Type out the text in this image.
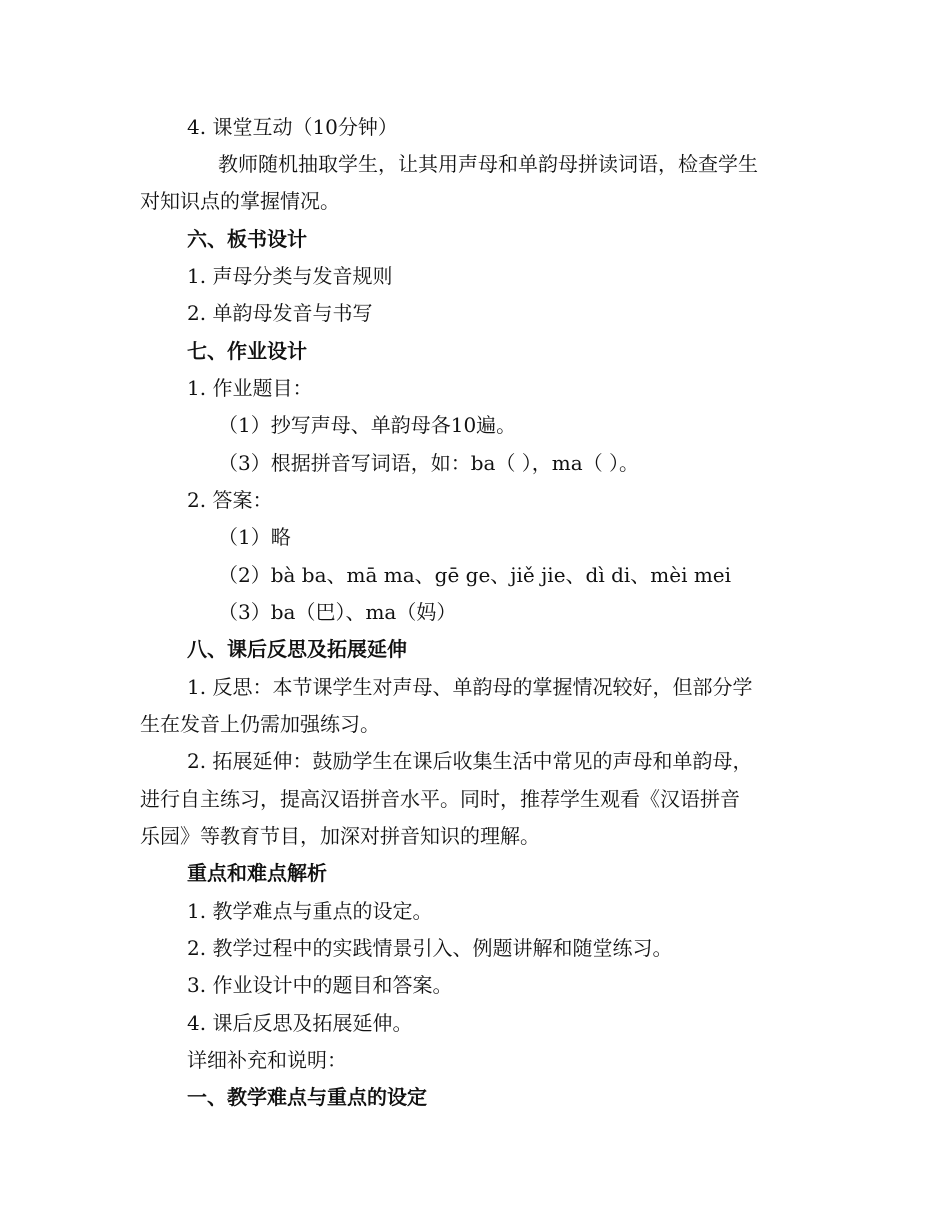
4. 课堂互动（10分钟）
教师随机抽取学生，让其用声母和单韵母拼读词语，检查学生
对知识点的掌握情况。
六、板书设计
1. 声母分类与发音规则
2. 单韵母发音与书写
七、作业设计
1. 作业题目：
（1）抄写声母、单韵母各10遍。
（3）根据拼音写词语，如：ba（ ），ma（ ）。
2. 答案：
（1）略
（2）bà ba、mā ma、gē ge、jiě jie、dì di、mèi mei
（3）ba（巴）、ma（妈）
八、课后反思及拓展延伸
1. 反思：本节课学生对声母、单韵母的掌握情况较好，但部分学
生在发音上仍需加强练习。
2. 拓展延伸：鼓励学生在课后收集生活中常见的声母和单韵母，
进行自主练习，提高汉语拼音水平。同时，推荐学生观看《汉语拼音
乐园》等教育节目，加深对拼音知识的理解。
重点和难点解析
1. 教学难点与重点的设定。
2. 教学过程中的实践情景引入、例题讲解和随堂练习。
3. 作业设计中的题目和答案。
4. 课后反思及拓展延伸。
详细补充和说明：
一、教学难点与重点的设定
